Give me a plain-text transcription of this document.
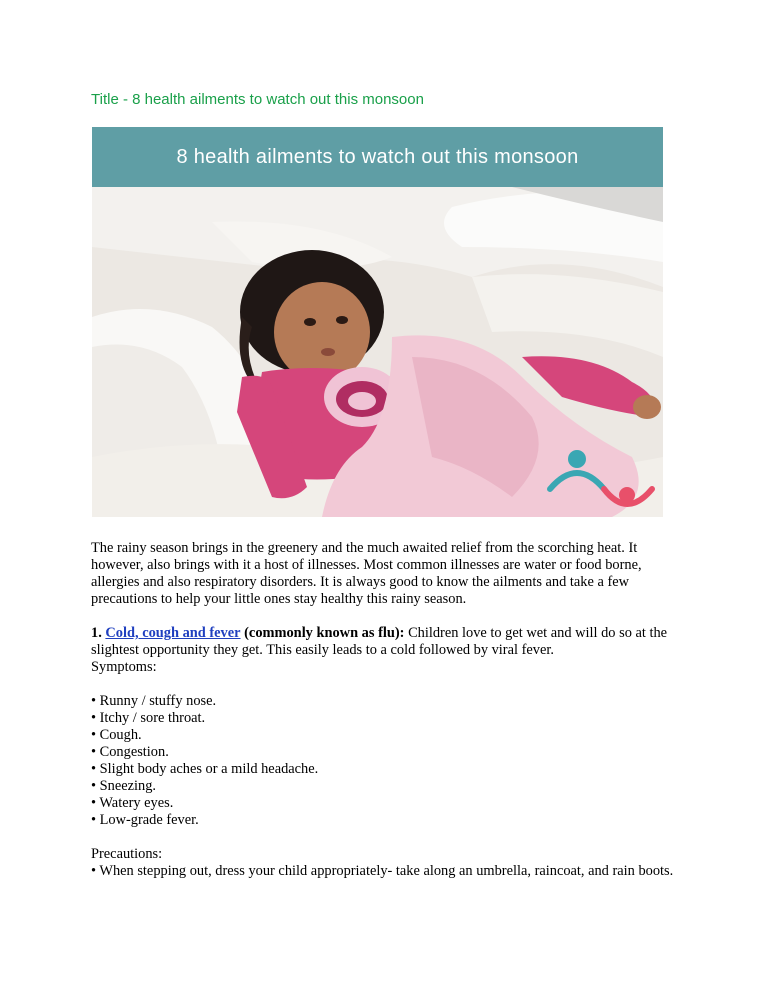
Title - 8 health ailments to watch out this monsoon
8 health ailments to watch out this monsoon

The rainy season brings in the greenery and the much awaited relief from the scorching heat. It however, also brings with it a host of illnesses. Most common illnesses are water or food borne, allergies and also respiratory disorders. It is always good to know the ailments and take a few precautions to help your little ones stay healthy this rainy season.

1. Cold, cough and fever (commonly known as flu): Children love to get wet and will do so at the slightest opportunity they get. This easily leads to a cold followed by viral fever.

Symptoms:

• Runny / stuffy nose.

• Itchy / sore throat.

• Cough.

• Congestion.

• Slight body aches or a mild headache.

• Sneezing.

• Watery eyes.

• Low-grade fever.

Precautions:

• When stepping out, dress your child appropriately- take along an umbrella, raincoat, and rain boots.
